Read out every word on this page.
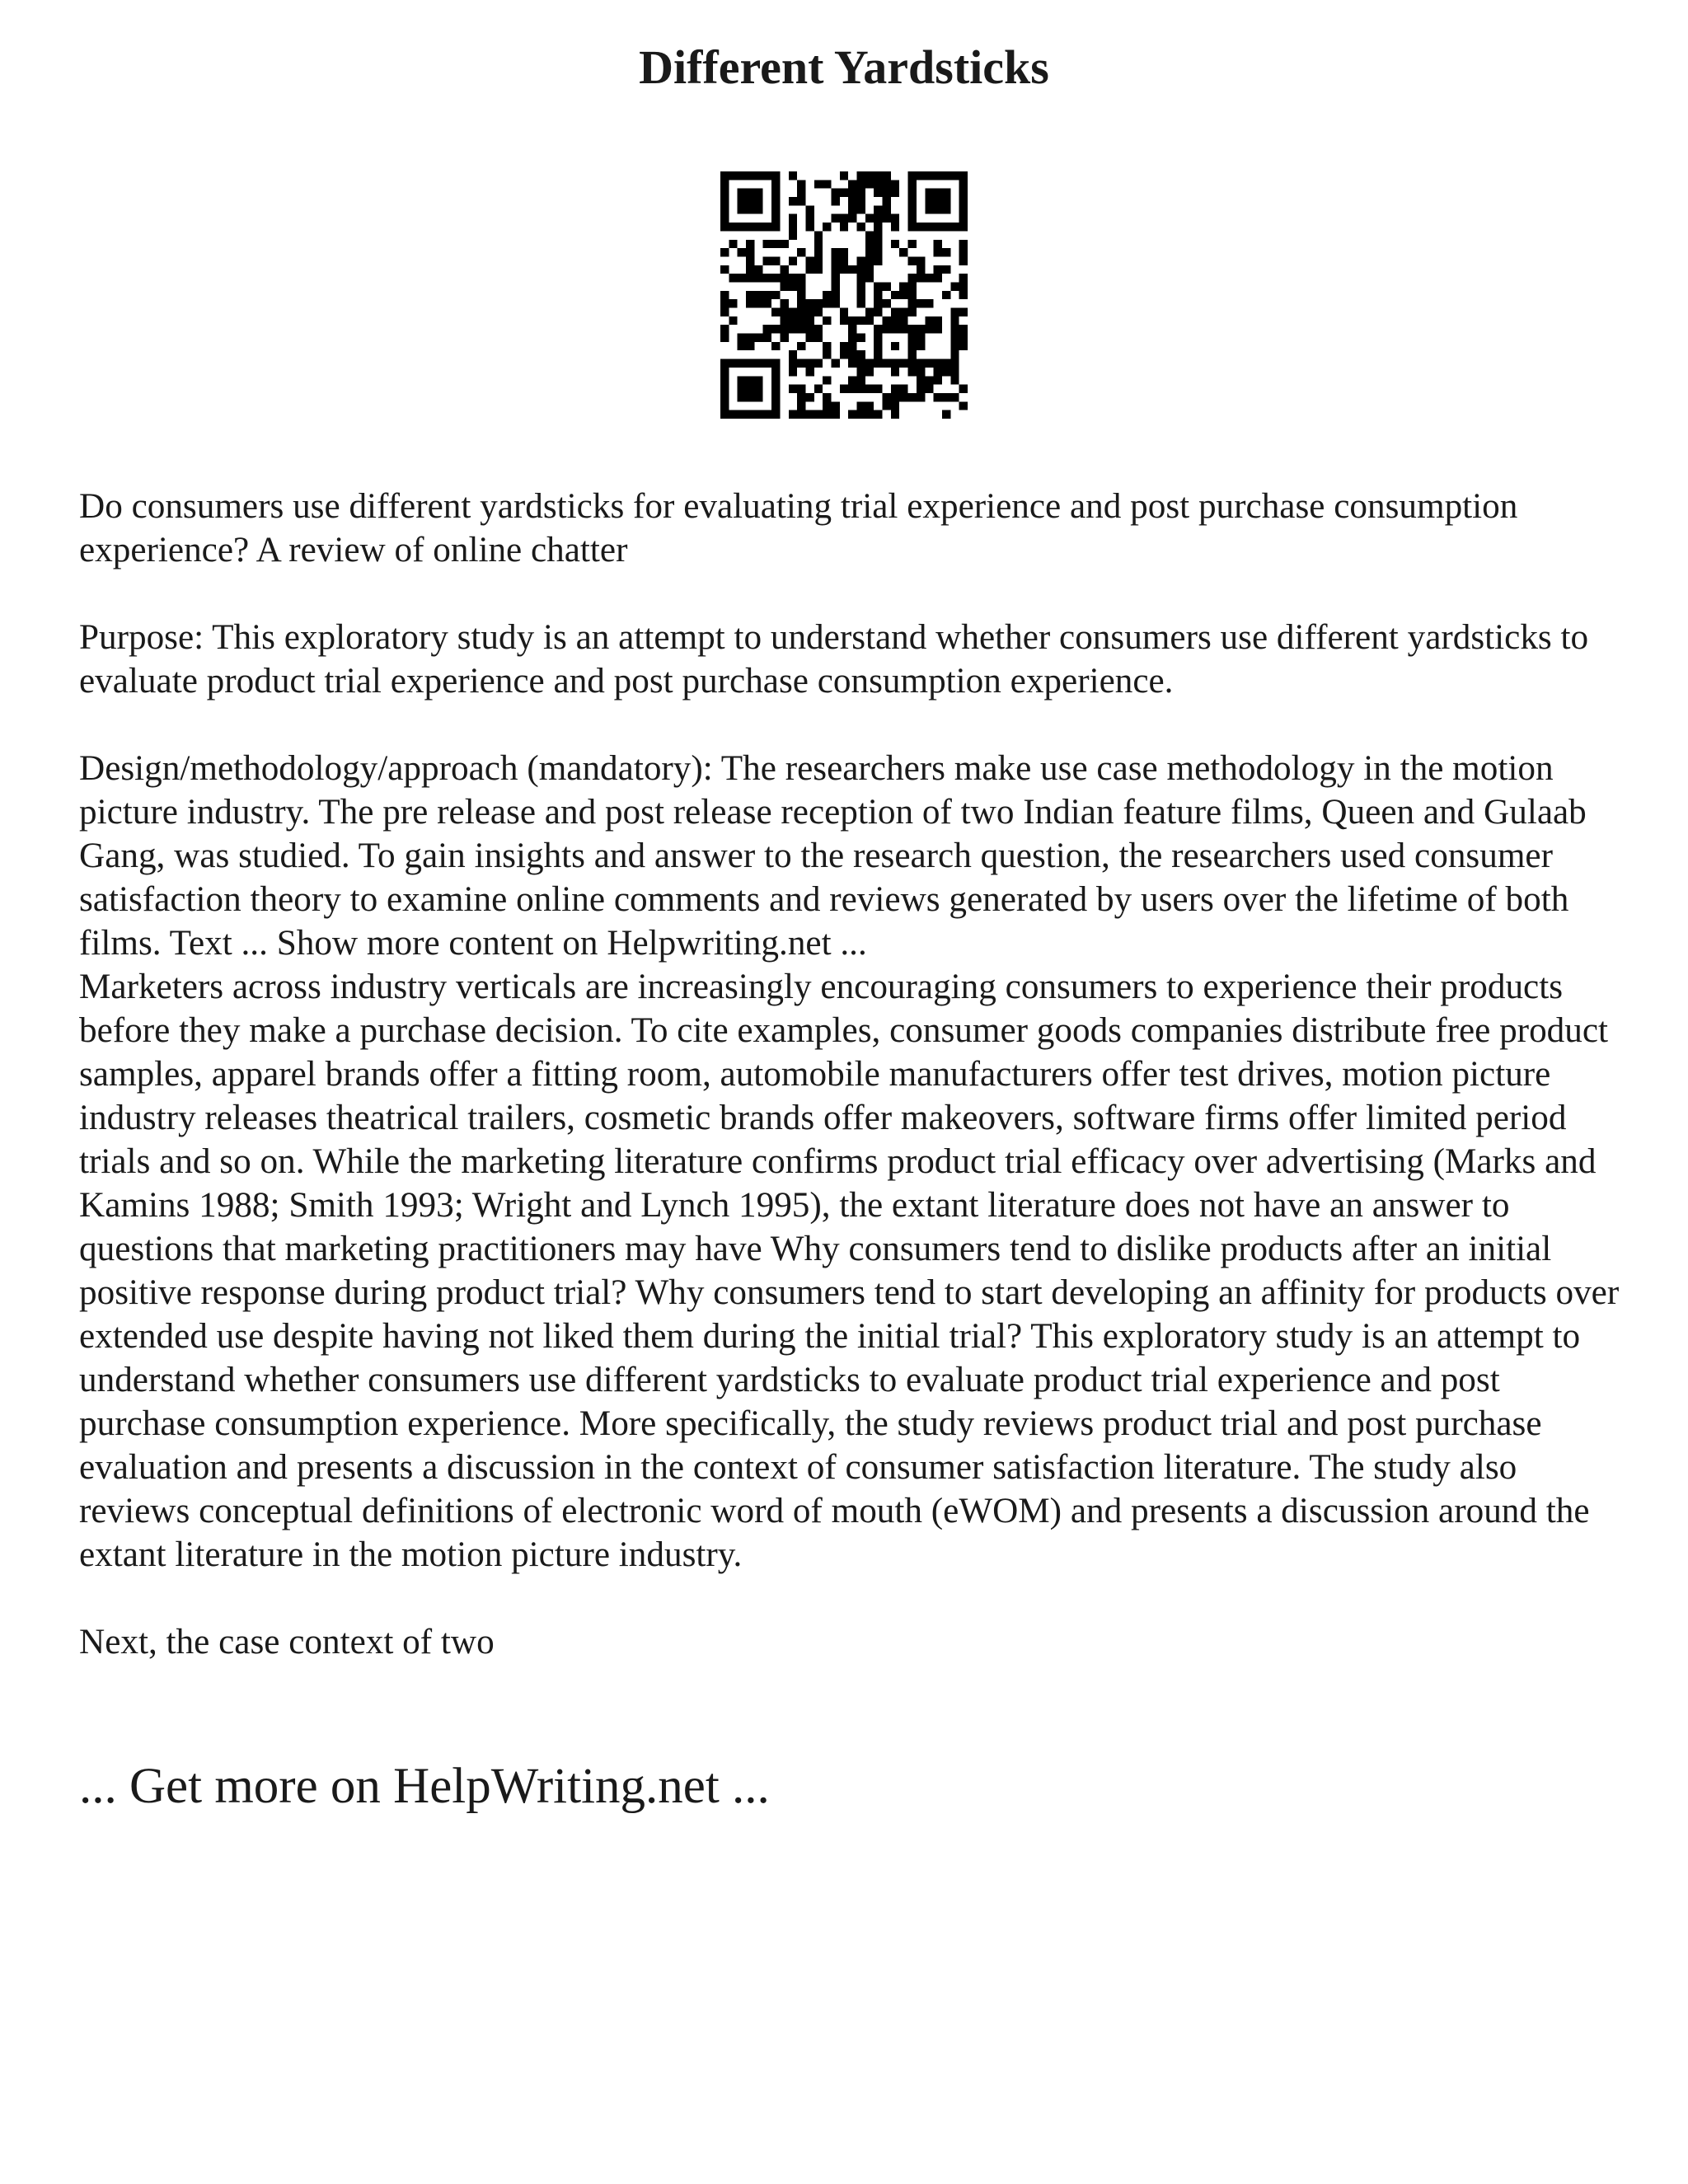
Different Yardsticks

Do consumers use different yardsticks for evaluating trial experience and post purchase consumption experience? A review of online chatter

Purpose: This exploratory study is an attempt to understand whether consumers use different yardsticks to evaluate product trial experience and post purchase consumption experience.

Design/methodology/approach (mandatory): The researchers make use case methodology in the motion picture industry. The pre release and post release reception of two Indian feature films, Queen and Gulaab Gang, was studied. To gain insights and answer to the research question, the researchers used consumer satisfaction theory to examine online comments and reviews generated by users over the lifetime of both films. Text ... Show more content on Helpwriting.net ...

Marketers across industry verticals are increasingly encouraging consumers to experience their products before they make a purchase decision. To cite examples, consumer goods companies distribute free product samples, apparel brands offer a fitting room, automobile manufacturers offer test drives, motion picture industry releases theatrical trailers, cosmetic brands offer makeovers, software firms offer limited period trials and so on. While the marketing literature confirms product trial efficacy over advertising (Marks and Kamins 1988; Smith 1993; Wright and Lynch 1995), the extant literature does not have an answer to questions that marketing practitioners may have Why consumers tend to dislike products after an initial positive response during product trial? Why consumers tend to start developing an affinity for products over extended use despite having not liked them during the initial trial? This exploratory study is an attempt to understand whether consumers use different yardsticks to evaluate product trial experience and post purchase consumption experience. More specifically, the study reviews product trial and post purchase evaluation and presents a discussion in the context of consumer satisfaction literature. The study also reviews conceptual definitions of electronic word of mouth (eWOM) and presents a discussion around the extant literature in the motion picture industry.

Next, the case context of two

... Get more on HelpWriting.net ...
